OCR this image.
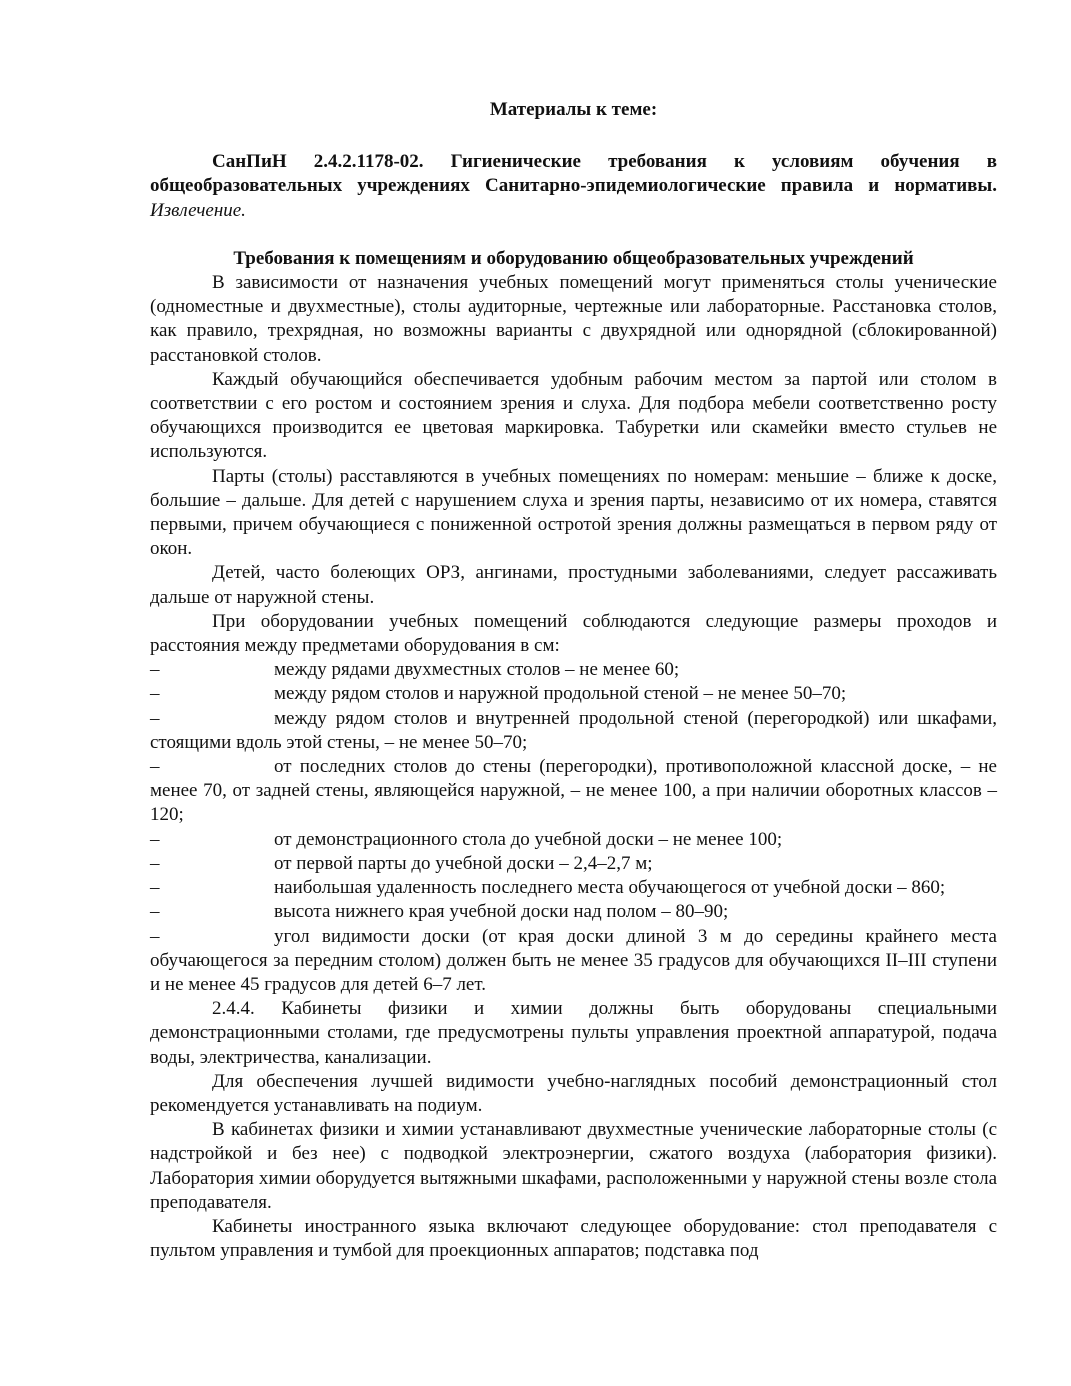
Материалы к теме:

СанПиН 2.4.2.1178-02. Гигиенические требования к условиям обучения в общеобразовательных учреждениях Санитарно-эпидемиологические правила и нормативы. Извлечение.

Требования к помещениям и оборудованию общеобразовательных учреждений

В зависимости от назначения учебных помещений могут применяться столы ученические (одноместные и двухместные), столы аудиторные, чертежные или лабораторные. Расстановка столов, как правило, трехрядная, но возможны варианты с двухрядной или однорядной (сблокированной) расстановкой столов.

Каждый обучающийся обеспечивается удобным рабочим местом за партой или столом в соответствии с его ростом и состоянием зрения и слуха. Для подбора мебели соответственно росту обучающихся производится ее цветовая маркировка. Табуретки или скамейки вместо стульев не используются.

Парты (столы) расставляются в учебных помещениях по номерам: меньшие – ближе к доске, большие – дальше. Для детей с нарушением слуха и зрения парты, независимо от их номера, ставятся первыми, причем обучающиеся с пониженной остротой зрения должны размещаться в первом ряду от окон.

Детей, часто болеющих ОРЗ, ангинами, простудными заболеваниями, следует рассаживать дальше от наружной стены.

При оборудовании учебных помещений соблюдаются следующие размеры проходов и расстояния между предметами оборудования в см:

–	между рядами двухместных столов – не менее 60;

–	между рядом столов и наружной продольной стеной – не менее 50–70;

–	между рядом столов и внутренней продольной стеной (перегородкой) или шкафами, стоящими вдоль этой стены, – не менее 50–70;

–	от последних столов до стены (перегородки), противоположной классной доске, – не менее 70, от задней стены, являющейся наружной, – не менее 100, а при наличии оборотных классов – 120;

–	от демонстрационного стола до учебной доски – не менее 100;

–	от первой парты до учебной доски – 2,4–2,7 м;

–	наибольшая удаленность последнего места обучающегося от учебной доски – 860;

–	высота нижнего края учебной доски над полом – 80–90;

–	угол видимости доски (от края доски длиной 3 м до середины крайнего места обучающегося за передним столом) должен быть не менее 35 градусов для обучающихся II–III ступени и не менее 45 градусов для детей 6–7 лет.

2.4.4. Кабинеты физики и химии должны быть оборудованы специальными демонстрационными столами, где предусмотрены пульты управления проектной аппаратурой, подача воды, электричества, канализации.

Для обеспечения лучшей видимости учебно-наглядных пособий демонстрационный стол рекомендуется устанавливать на подиум.

В кабинетах физики и химии устанавливают двухместные ученические лабораторные столы (с надстройкой и без нее) с подводкой электроэнергии, сжатого воздуха (лаборатория физики). Лаборатория химии оборудуется вытяжными шкафами, расположенными у наружной стены возле стола преподавателя.

Кабинеты иностранного языка включают следующее оборудование: стол преподавателя с пультом управления и тумбой для проекционных аппаратов; подставка под
